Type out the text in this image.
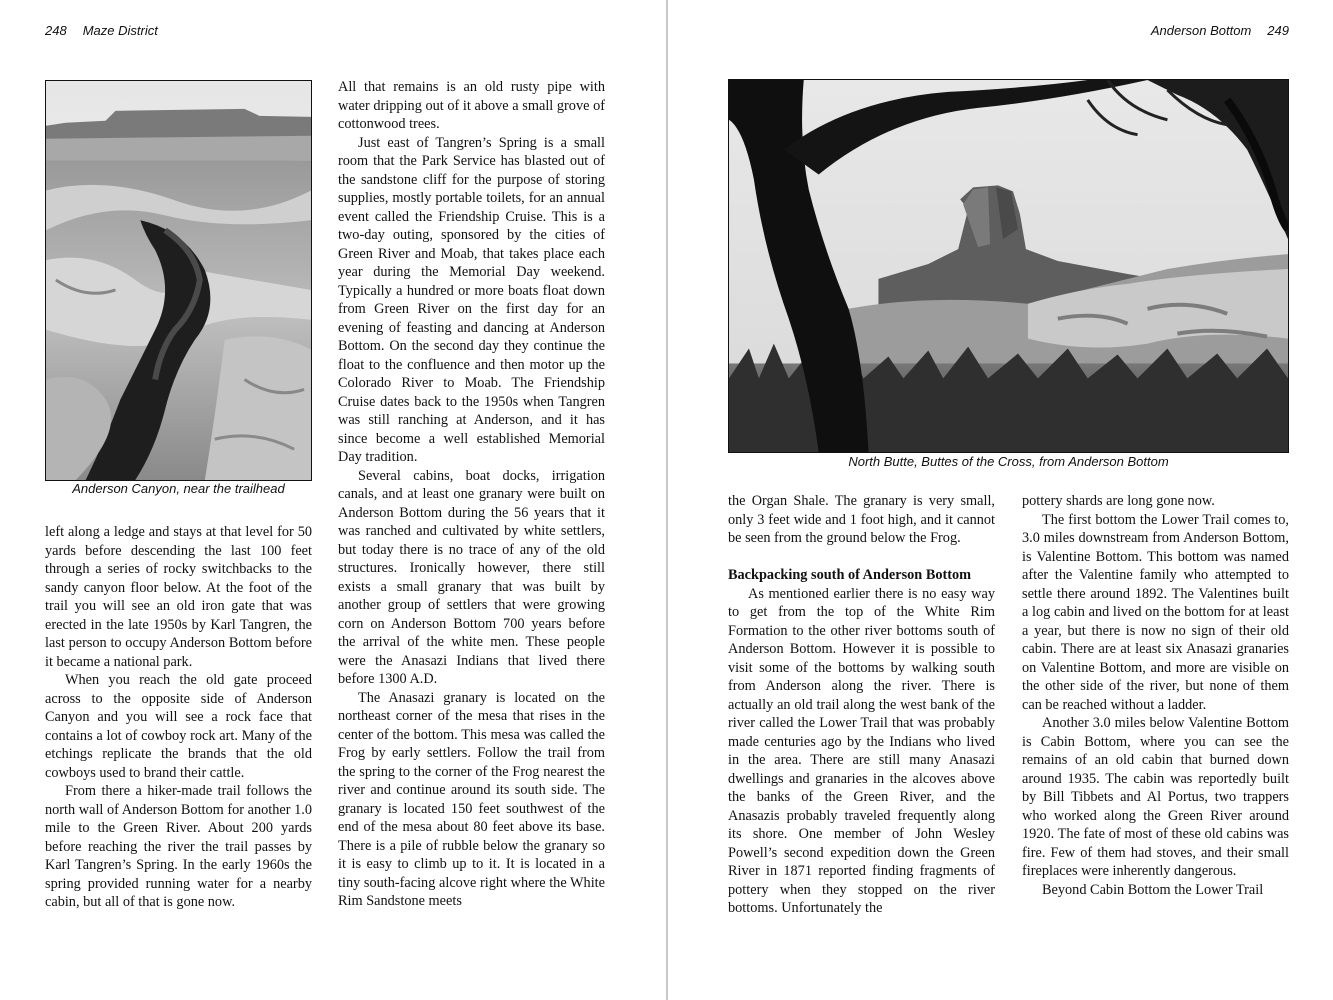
248 Maze District
Anderson Canyon, near the trailhead

left along a ledge and stays at that level for 50 yards before descending the last 100 feet through a series of rocky switchbacks to the sandy canyon floor below. At the foot of the trail you will see an old iron gate that was erected in the late 1950s by Karl Tangren, the last person to occupy Anderson Bottom before it became a national park.

When you reach the old gate proceed across to the opposite side of Anderson Canyon and you will see a rock face that contains a lot of cowboy rock art. Many of the etchings replicate the brands that the old cowboys used to brand their cattle.

From there a hiker-made trail follows the north wall of Anderson Bottom for another 1.0 mile to the Green River. About 200 yards before reaching the river the trail passes by Karl Tangren’s Spring. In the early 1960s the spring provided running water for a nearby cabin, but all of that is gone now.

All that remains is an old rusty pipe with water dripping out of it above a small grove of cottonwood trees.

Just east of Tangren’s Spring is a small room that the Park Service has blasted out of the sandstone cliff for the purpose of storing supplies, mostly portable toilets, for an annual event called the Friendship Cruise. This is a two-day outing, sponsored by the cities of Green River and Moab, that takes place each year during the Memorial Day weekend. Typically a hundred or more boats float down from Green River on the first day for an evening of feasting and dancing at Anderson Bottom. On the second day they continue the float to the confluence and then motor up the Colorado River to Moab. The Friendship Cruise dates back to the 1950s when Tangren was still ranching at Anderson, and it has since become a well established Memorial Day tradition.

Several cabins, boat docks, irrigation canals, and at least one granary were built on Anderson Bottom during the 56 years that it was ranched and cultivated by white settlers, but today there is no trace of any of the old structures. Ironically however, there still exists a small granary that was built by another group of settlers that were growing corn on Anderson Bottom 700 years before the arrival of the white men. These people were the Anasazi Indians that lived there before 1300 A.D.

The Anasazi granary is located on the northeast corner of the mesa that rises in the center of the bottom. This mesa was called the Frog by early settlers. Follow the trail from the spring to the corner of the Frog nearest the river and continue around its south side. The granary is located 150 feet southwest of the end of the mesa about 80 feet above its base. There is a pile of rubble below the granary so it is easy to climb up to it. It is located in a tiny south-facing alcove right where the White Rim Sandstone meets

Anderson Bottom 249
North Butte, Buttes of the Cross, from Anderson Bottom

the Organ Shale. The granary is very small, only 3 feet wide and 1 foot high, and it cannot be seen from the ground below the Frog.

Backpacking south of Anderson Bottom

As mentioned earlier there is no easy way to get from the top of the White Rim Formation to the other river bottoms south of Anderson Bottom. However it is possible to visit some of the bottoms by walking south from Anderson along the river. There is actually an old trail along the west bank of the river called the Lower Trail that was probably made centuries ago by the Indians who lived in the area. There are still many Anasazi dwellings and granaries in the alcoves above the banks of the Green River, and the Anasazis probably traveled frequently along its shore. One member of John Wesley Powell’s second expedition down the Green River in 1871 reported finding fragments of pottery when they stopped on the river bottoms. Unfortunately the

pottery shards are long gone now.

The first bottom the Lower Trail comes to, 3.0 miles downstream from Anderson Bottom, is Valentine Bottom. This bottom was named after the Valentine family who attempted to settle there around 1892. The Valentines built a log cabin and lived on the bottom for at least a year, but there is now no sign of their old cabin. There are at least six Anasazi granaries on Valentine Bottom, and more are visible on the other side of the river, but none of them can be reached without a ladder.

Another 3.0 miles below Valentine Bottom is Cabin Bottom, where you can see the remains of an old cabin that burned down around 1935. The cabin was reportedly built by Bill Tibbets and Al Portus, two trappers who worked along the Green River around 1920. The fate of most of these old cabins was fire. Few of them had stoves, and their small fireplaces were inherently dangerous.

Beyond Cabin Bottom the Lower Trail
